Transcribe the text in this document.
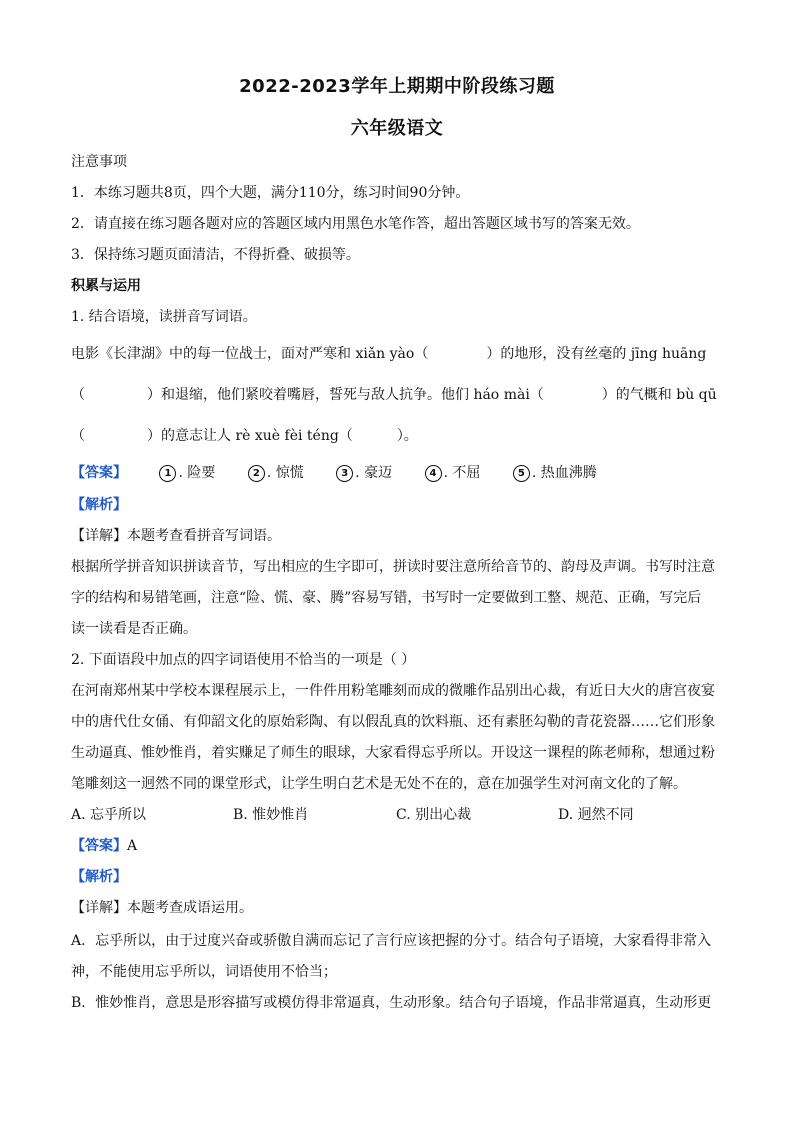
2022-2023学年上期期中阶段练习题
六年级语文
注意事项
1．本练习题共8页，四个大题，满分110分，练习时间90分钟。
2．请直接在练习题各题对应的答题区域内用黑色水笔作答，超出答题区域书写的答案无效。
3．保持练习题页面清洁，不得折叠、破损等。
积累与运用
1. 结合语境，读拼音写词语。
电影《长津湖》中的每一位战士，面对严寒和 xiǎn yào（	）的地形，没有丝毫的 jīng huāng
（	）和退缩，他们紧咬着嘴唇，誓死与敌人抗争。他们 háo mài（	）的气概和 bù qū
（	）的意志让人 rè xuè fèi téng（	）。
【答案】	1 . 险要	2 . 惊慌	3 . 豪迈	4 . 不屈	5 . 热血沸腾
【解析】
【详解】本题考查看拼音写词语。
根据所学拼音知识拼读音节，写出相应的生字即可，拼读时要注意所给音节的、韵母及声调。书写时注意
字的结构和易错笔画，注意“险、慌、豪、腾”容易写错，书写时一定要做到工整、规范、正确，写完后
读一读看是否正确。
2. 下面语段中加点的四字词语使用不恰当的一项是（ ）
在河南郑州某中学校本课程展示上，一件件用粉笔雕刻而成的微雕作品别出心裁，有近日大火的唐宫夜宴
中的唐代仕女俑、有仰韶文化的原始彩陶、有以假乱真的饮料瓶、还有素胚勾勒的青花瓷器……它们形象
生动逼真、惟妙惟肖，着实赚足了师生的眼球，大家看得忘乎所以。开设这一课程的陈老师称，想通过粉
笔雕刻这一迥然不同的课堂形式，让学生明白艺术是无处不在的，意在加强学生对河南文化的了解。
A. 忘乎所以	B. 惟妙惟肖	C. 别出心裁	D. 迥然不同
【答案】A
【解析】
【详解】本题考查成语运用。
A．忘乎所以，由于过度兴奋或骄傲自满而忘记了言行应该把握的分寸。结合句子语境，大家看得非常入
神，不能使用忘乎所以，词语使用不恰当；
B．惟妙惟肖，意思是形容描写或模仿得非常逼真，生动形象。结合句子语境，作品非常逼真，生动形更
